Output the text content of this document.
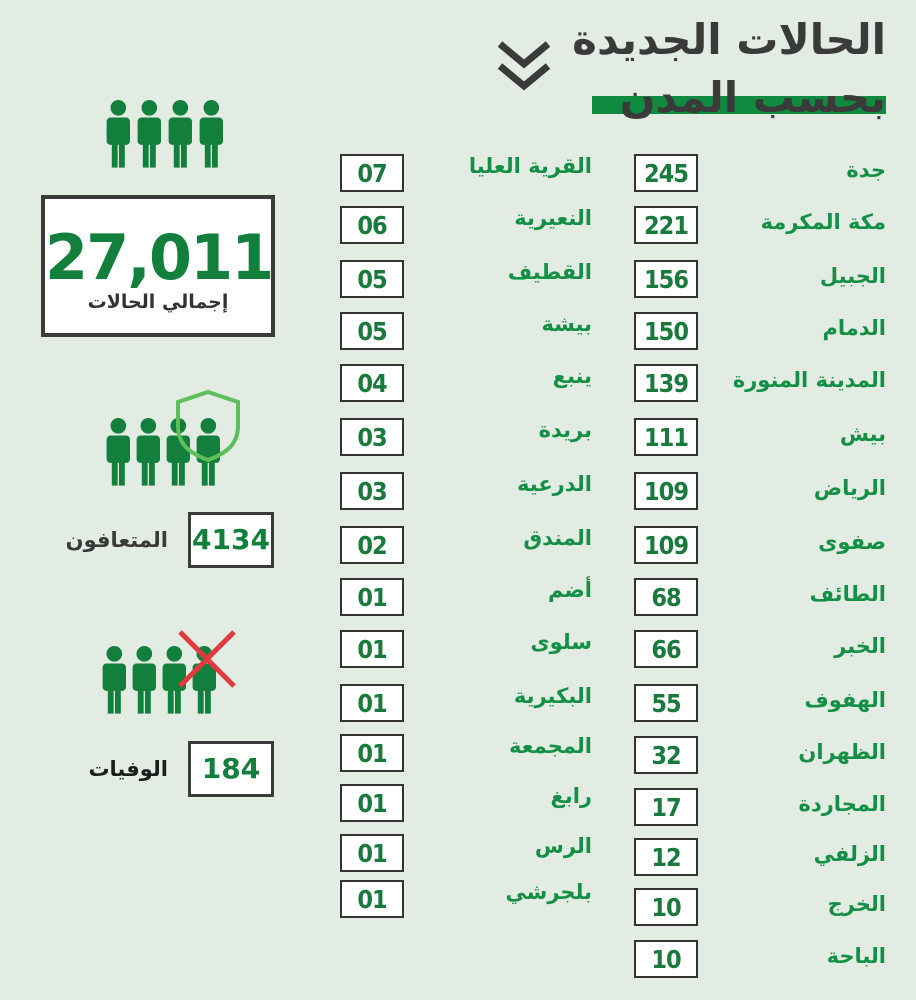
الحالات الجديدة
بحسب المدن
27,011
إجمالي الحالات
4134
المتعافون
184
الوفيات
245	جدة
221	مكة المكرمة
156	الجبيل
150	الدمام
139	المدينة المنورة
111	بيش
109	الرياض
109	صفوى
68	الطائف
66	الخبر
55	الهفوف
32	الظهران
17	المجاردة
12	الزلفي
10	الخرج
10	الباحة
07	القرية العليا
06	النعيرية
05	القطيف
05	بيشة
04	ينبع
03	بريدة
03	الدرعية
02	المندق
01	أضم
01	سلوى
01	البكيرية
01	المجمعة
01	رابغ
01	الرس
01	بلجرشي
